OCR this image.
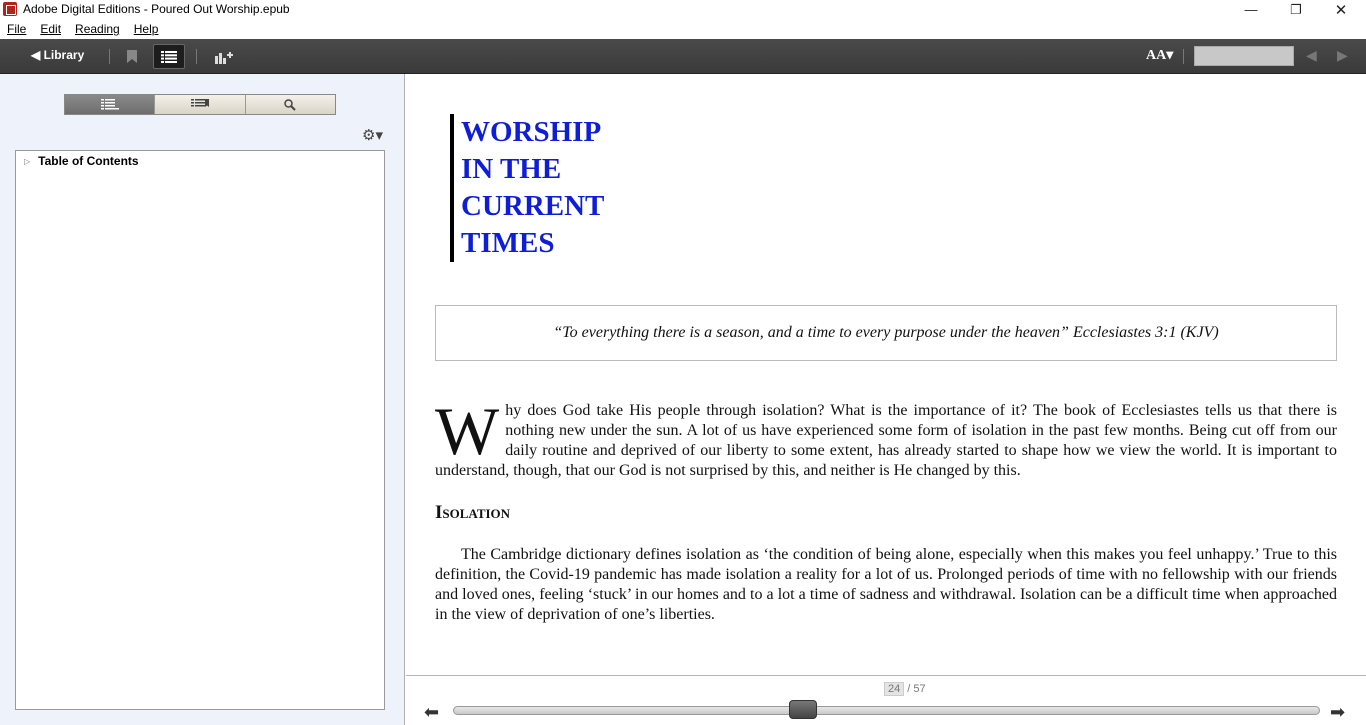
Adobe Digital Editions - Poured Out Worship.epub	—	❐	✕
File Edit Reading Help
◀ Library	AA▾	◀ ▶
⚙▾
▷ Table of Contents
WORSHIP
IN THE
CURRENT
TIMES
“To everything there is a season, and a time to every purpose under the heaven” Ecclesiastes 3:1 (KJV)
Why does God take His people through isolation? What is the importance of it? The book of Ecclesiastes tells us that there is nothing new under the sun. A lot of us have experienced some form of isolation in the past few months. Being cut off from our daily routine and deprived of our liberty to some extent, has already started to shape how we view the world. It is important to understand, though, that our God is not surprised by this, and neither is He changed by this.
Isolation
The Cambridge dictionary defines isolation as ‘the condition of being alone, especially when this makes you feel unhappy.’ True to this definition, the Covid-19 pandemic has made isolation a reality for a lot of us. Prolonged periods of time with no fellowship with our friends and loved ones, feeling ‘stuck’ in our homes and to a lot a time of sadness and withdrawal. Isolation can be a difficult time when approached in the view of deprivation of one’s liberties.
24 / 57
⬅	➡
